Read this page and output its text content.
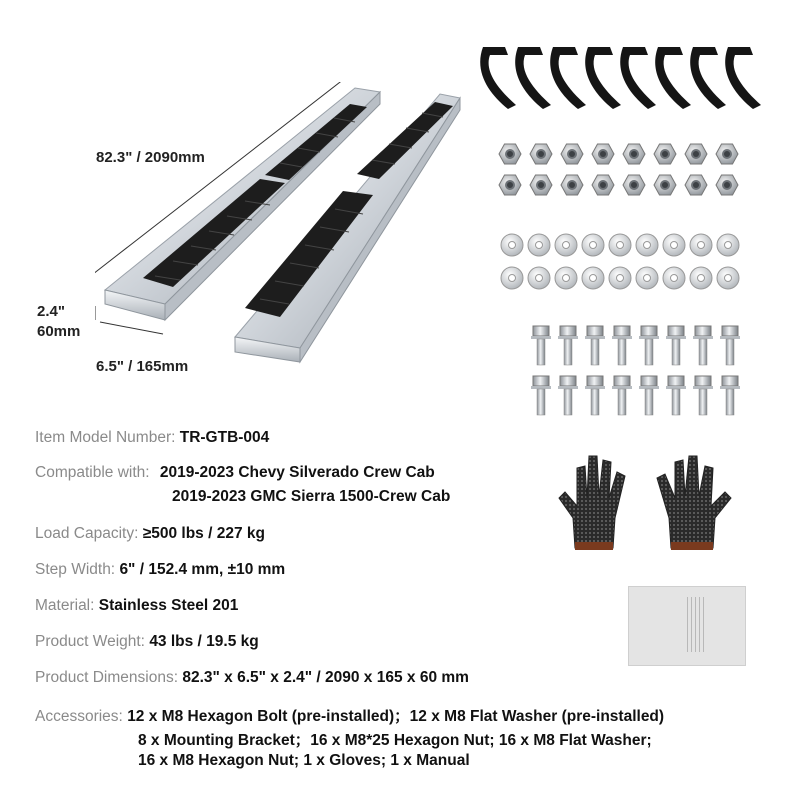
82.3" / 2090mm
2.4"
60mm
6.5" / 165mm
Item Model Number: TR-GTB-004
Compatible with: 2019-2023 Chevy Silverado Crew Cab
2019-2023 GMC Sierra 1500-Crew Cab
Load Capacity: ≥500 lbs / 227 kg
Step Width: 6" / 152.4 mm, ±10 mm
Material: Stainless Steel 201
Product Weight: 43 lbs / 19.5 kg
Product Dimensions: 82.3" x 6.5" x 2.4" / 2090 x 165 x 60 mm
Accessories: 12 x M8 Hexagon Bolt (pre-installed)；12 x M8 Flat Washer (pre-installed)
8 x Mounting Bracket；16 x M8*25 Hexagon Nut; 16 x M8 Flat Washer;
16 x M8 Hexagon Nut; 1 x Gloves; 1 x Manual
